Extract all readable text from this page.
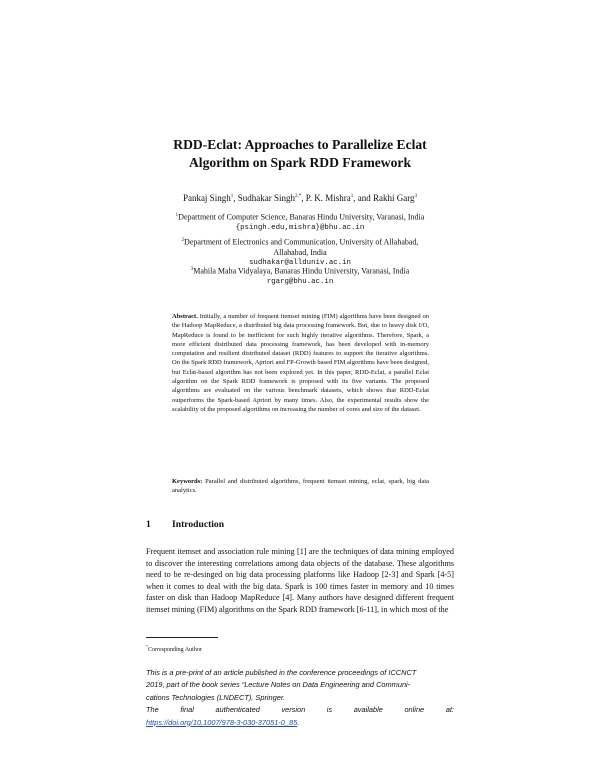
RDD-Eclat: Approaches to Parallelize Eclat
Algorithm on Spark RDD Framework
Pankaj Singh$^1$, Sudhakar Singh$^{2,*}$, P. K. Mishra$^1$, and Rakhi Garg$^3$
$^1$Department of Computer Science, Banaras Hindu University, Varanasi, India
{psingh.edu,mishra}@bhu.ac.in
$^2$Department of Electronics and Communication, University of Allahabad,
Allahabad, India
sudhakar@allduniv.ac.in
$^3$Mahila Maha Vidyalaya, Banaras Hindu University, Varanasi, India
rgarg@bhu.ac.in
Abstract. Initially, a number of frequent itemset mining (FIM) algorithms have been designed on the Hadoop MapReduce, a distributed big data processing framework. But, due to heavy disk I/O, MapReduce is found to be inefficient for such highly iterative algorithms. Therefore, Spark, a more efficient distributed data processing framework, has been developed with in-memory computation and resilient distributed dataset (RDD) features to support the iterative algorithms. On the Spark RDD framework, Apriori and FP-Growth based FIM algorithms have been designed, but Eclat-based algorithm has not been explored yet. In this paper, RDD-Eclat, a parallel Eclat algorithm on the Spark RDD framework is proposed with its five variants. The proposed algorithms are evaluated on the various benchmark datasets, which shows that RDD-Eclat outperforms the Spark-based Apriori by many times. Also, the experimental results show the scalability of the proposed algorithms on increasing the number of cores and size of the dataset.
Keywords: Parallel and distributed algorithms, frequent itemset mining, eclat, spark, big data analytics.
1 Introduction
Frequent itemset and association rule mining [1] are the techniques of data mining employed to discover the interesting correlations among data objects of the database. These algorithms need to be re-desinged on big data processing platforms like Hadoop [2-3] and Spark [4-5] when it comes to deal with the big data. Spark is 100 times faster in memory and 10 times faster on disk than Hadoop MapReduce [4]. Many authors have designed different frequent itemset mining (FIM) algorithms on the Spark RDD framework [6-11], in which most of the
*Corresponding Author
This is a pre-print of an article published in the conference proceedings of ICCNCT
2019, part of the book series “Lecture Notes on Data Engineering and Communi-
cations Technologies (LNDECT), Springer.
The	final	authenticated	version	is	available	online	at:
https://doi.org/10.1007/978-3-030-37051-0_85.
